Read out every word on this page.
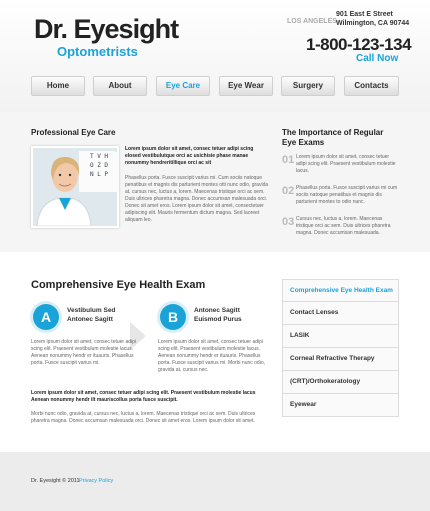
Dr. Eyesight
Optometrists
LOS ANGELES
901 East E Street
Wilmington, CA 90744
1-800-123-134
Call Now
Home	About	Eye Care	Eye Wear	Surgery	Contacts
Professional Eye Care
T V H
O Z D
N L P
Lorem ipsum dolor sit amet, consec tetuer adipi scing elosed vestibulutque orci ac usichisie phase manae nonummy hendreritillique orci ac sit
Phasellus porta. Fusce suscipit varius mi. Cum sociis natoque penatibus et magnis dis parturient montes otti nunc odio, gravida at, cursus nec, luctus a, lorem. Maecenas tristique orci ac sem. Duis ultrices pharetra magna. Donec accumsan malesuada orci. Donec sit amet eros. Lorem ipsum dolor sit amet, consectetuer adipiscing elit. Mauris fermentum dictum magna. Sed laoreet aliquam leo.
The Importance of Regular Eye Exams
01 Lorem ipsum dolor sit amet, consec tetuer adipi scing elit. Praesent vestibulum molestie lacus.
02 Phasellus porta. Fusce suscipit varius mi cum sociis natoque penatibus et magnis dis parturient montes to odio nunc.
03 Cursus nec, luctus a, lorem. Maecenas tristique orci ac sem. Duis ultrices pharetra magna. Donec accumsan malesuada.
Comprehensive Eye Health Exam
A	Vestibulum Sed
Antonec Sagitt	B	Antonec Sagitt
Euismod Purus
Lorem ipsum dolor sit amet, consec tetuer adipi scing elit. Praesent vestibulum molestie lacus. Aenean nonummy hendr er ituauris. Phasellus porta. Fusce suscipit varius mi.
Lorem ipsum dolor sit amet, consec tetuer adipi scing elit. Praesent vestibulum molestie lacus. Aenean nonummy hendr er ituauris. Phasellus porta. Fusce suscipit varius mi. Morbi nunc odio, gravida at, cursus nec.
Lorem ipsum dolor sit amet, consec tetuer adipi scing elit. Praesent vestibulum molestie lacus Aenean nonummy hendr ilt mauriscollus porta fusce suscipit.
Morbi nunc odio, gravida at, cursus nec, luctus a, lorem. Maecenas tristique orci ac sem. Duis ultrices pharetra magna. Donec accumsan malesuada orci. Donec sit amet eros. Lorem ipsum dolor sit amet.
Comprehensive Eye Health Exam
Contact Lenses
LASIK
Corneal Refractive Therapy
(CRT)/Orthokeratology
Eyewear
Dr. Eyesight © 2011 Privacy Policy
